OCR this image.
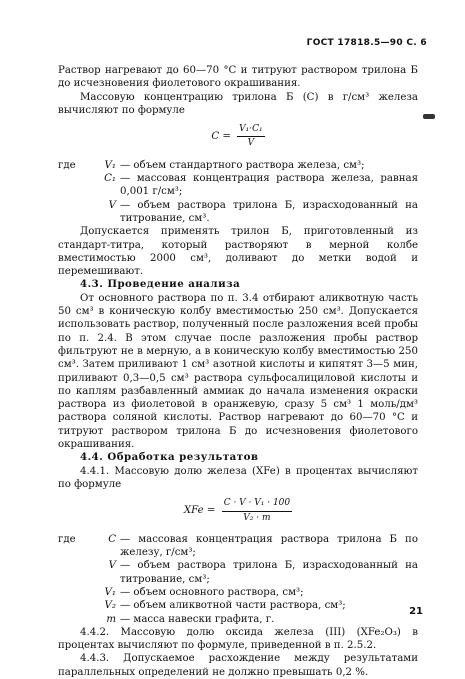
ГОСТ 17818.5—90 С. 6

Раствор нагревают до 60—70 °С и титруют раствором трилона Б до исчезновения фиолетового окрашивания.

Массовую концентрацию трилона Б (С) в г/см³ железа вычисляют по формуле

$C = \frac{\text{V₁·C₁}}{V}$
где	V₁ — объем стандартного раствора железа, см³;
C₁ — массовая концентрация раствора железа, равная 0,001 г/см³;
V — объем раствора трилона Б, израсходованный на титрование, см³.

Допускается применять трилон Б, приготовленный из стандарт-титра, который растворяют в мерной колбе вместимостью 2000 см³, доливают до метки водой и перемешивают.

4.3. Проведение анализа

От основного раствора по п. 3.4 отбирают аликвотную часть 50 см³ в коническую колбу вместимостью 250 см³. Допускается использовать раствор, полученный после разложения всей пробы по п. 2.4. В этом случае после разложения пробы раствор фильтруют не в мерную, а в коническую колбу вместимостью 250 см³. Затем приливают 1 см³ азотной кислоты и кипятят 3—5 мин, приливают 0,3—0,5 см³ раствора сульфосалициловой кислоты и по каплям разбавленный аммиак до начала изменения окраски раствора из фиолетовой в оранжевую, сразу 5 см³ 1 моль/дм³ раствора соляной кислоты. Раствор нагревают до 60—70 °С и титруют раствором трилона Б до исчезновения фиолетового окрашивания.

4.4. Обработка результатов

4.4.1. Массовую долю железа (XFe) в процентах вычисляют по формуле

XFe = $\frac{\text{C · V · V₁ · 100}}{\text{V₂ · m}}$
где	C — массовая концентрация раствора трилона Б по железу, г/см³;
V — объем раствора трилона Б, израсходованный на титрование, см³;
V₁ — объем основного раствора, см³;
V₂ — объем аликвотной части раствора, см³;
m — масса навески графита, г.

4.4.2. Массовую долю оксида железа (III) (XFe₂O₃) в процентах вычисляют по формуле, приведенной в п. 2.5.2.

4.4.3. Допускаемое расхождение между результатами параллельных определений не должно превышать 0,2 %.

21
